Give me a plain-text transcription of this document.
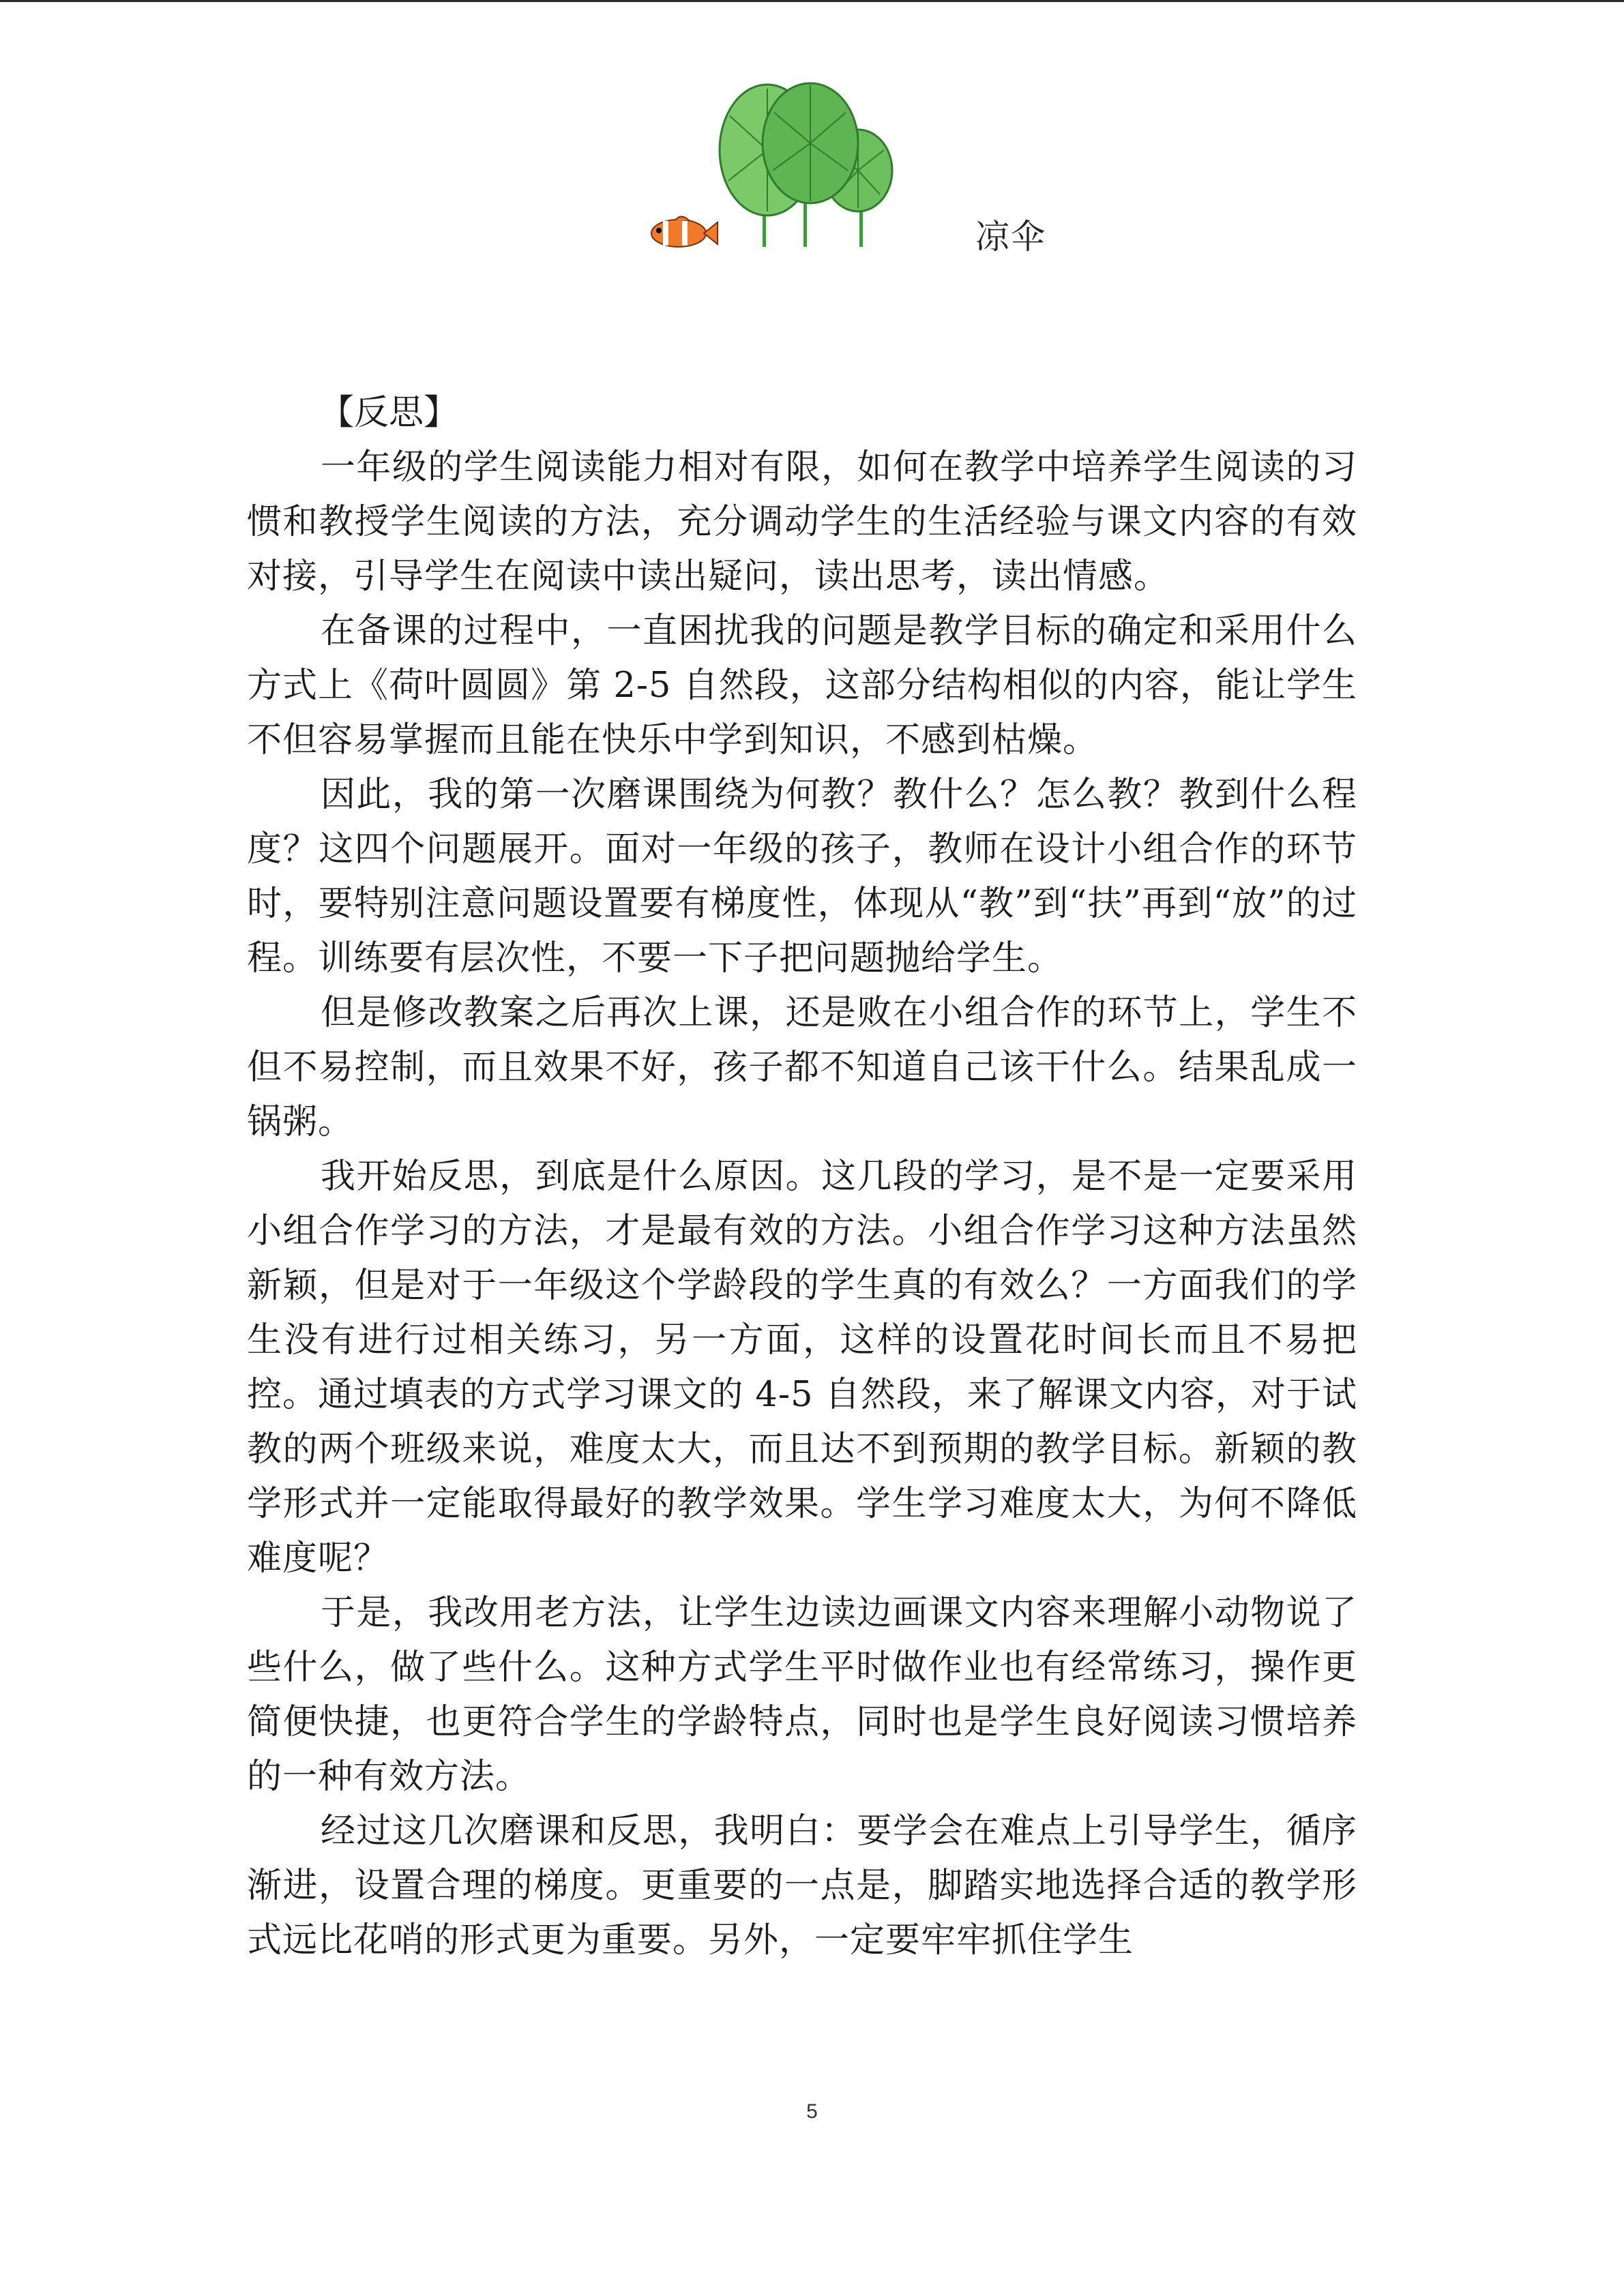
凉伞

【反思】

一年级的学生阅读能力相对有限，如何在教学中培养学生阅读的习惯和教授学生阅读的方法，充分调动学生的生活经验与课文内容的有效对接，引导学生在阅读中读出疑问，读出思考，读出情感。

在备课的过程中，一直困扰我的问题是教学目标的确定和采用什么方式上《荷叶圆圆》第 2-5 自然段，这部分结构相似的内容，能让学生不但容易掌握而且能在快乐中学到知识，不感到枯燥。

因此，我的第一次磨课围绕为何教？教什么？怎么教？教到什么程度？这四个问题展开。面对一年级的孩子，教师在设计小组合作的环节时，要特别注意问题设置要有梯度性，体现从“教”到“扶”再到“放”的过程。训练要有层次性，不要一下子把问题抛给学生。

但是修改教案之后再次上课，还是败在小组合作的环节上，学生不但不易控制，而且效果不好，孩子都不知道自己该干什么。结果乱成一锅粥。

我开始反思，到底是什么原因。这几段的学习，是不是一定要采用小组合作学习的方法，才是最有效的方法。小组合作学习这种方法虽然新颖，但是对于一年级这个学龄段的学生真的有效么？一方面我们的学生没有进行过相关练习，另一方面，这样的设置花时间长而且不易把控。通过填表的方式学习课文的 4-5 自然段，来了解课文内容，对于试教的两个班级来说，难度太大，而且达不到预期的教学目标。新颖的教学形式并一定能取得最好的教学效果。学生学习难度太大，为何不降低难度呢？

于是，我改用老方法，让学生边读边画课文内容来理解小动物说了些什么，做了些什么。这种方式学生平时做作业也有经常练习，操作更简便快捷，也更符合学生的学龄特点，同时也是学生良好阅读习惯培养的一种有效方法。

经过这几次磨课和反思，我明白：要学会在难点上引导学生，循序渐进，设置合理的梯度。更重要的一点是，脚踏实地选择合适的教学形式远比花哨的形式更为重要。另外，一定要牢牢抓住学生

5
